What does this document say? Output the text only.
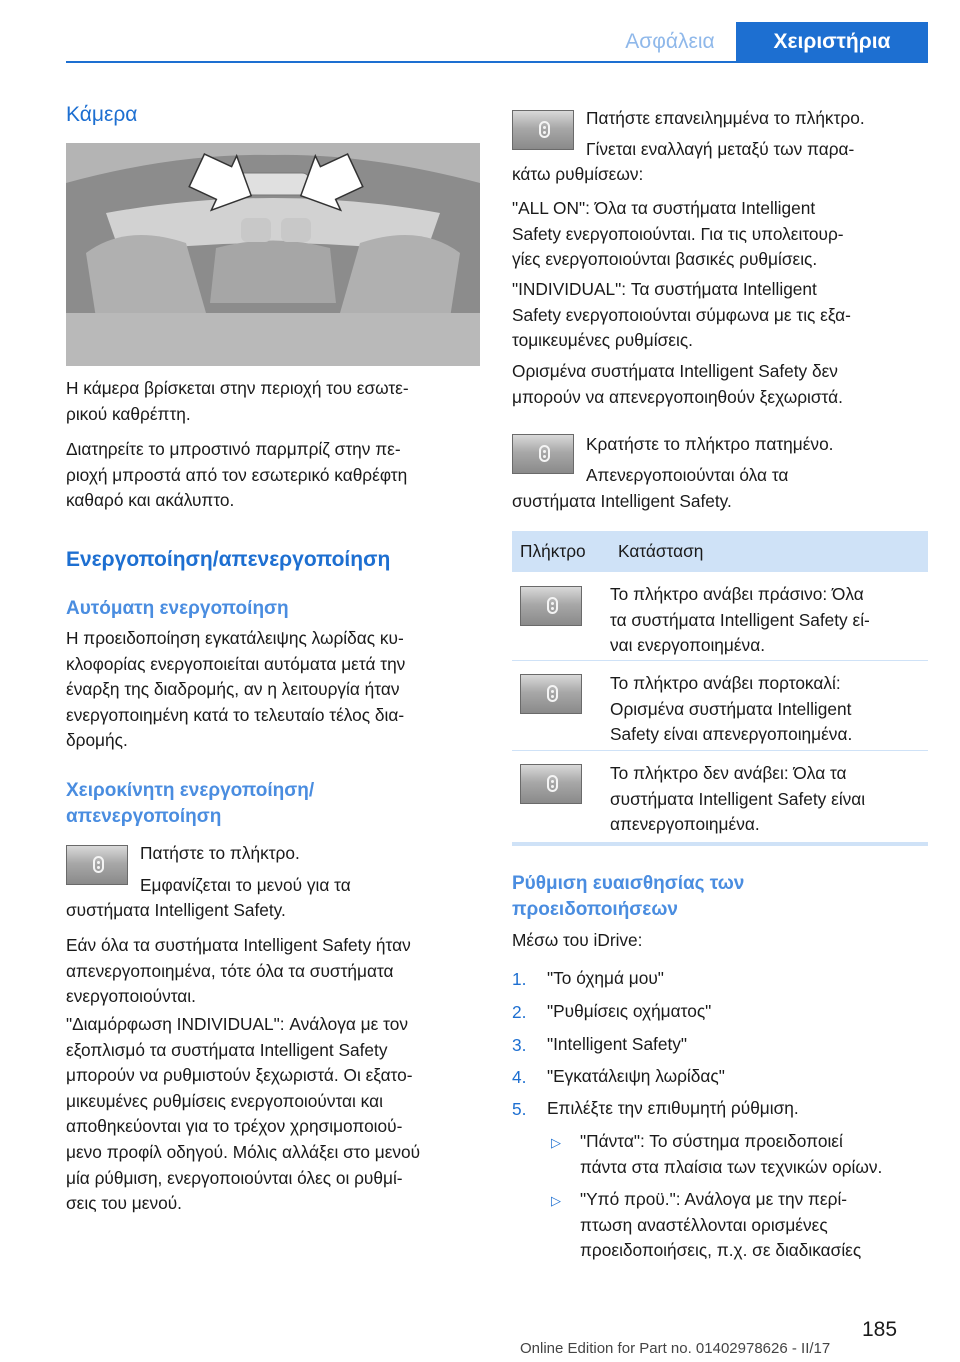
Ασφάλεια	Χειριστήρια
Κάμερα
Η κάμερα βρίσκεται στην περιοχή του εσωτε-
ρικού καθρέπτη.
Διατηρείτε το μπροστινό παρμπρίζ στην πε-
ριοχή μπροστά από τον εσωτερικό καθρέφτη
καθαρό και ακάλυπτο.
Ενεργοποίηση/απενεργοποίηση
Αυτόματη ενεργοποίηση
Η προειδοποίηση εγκατάλειψης λωρίδας κυ-
κλοφορίας ενεργοποιείται αυτόματα μετά την
έναρξη της διαδρομής, αν η λειτουργία ήταν
ενεργοποιημένη κατά το τελευταίο τέλος δια-
δρομής.
Χειροκίνητη ενεργοποίηση/
απενεργοποίηση
Πατήστε το πλήκτρο.
Εμφανίζεται το μενού για τα
συστήματα Intelligent Safety.
Εάν όλα τα συστήματα Intelligent Safety ήταν
απενεργοποιημένα, τότε όλα τα συστήματα
ενεργοποιούνται.
"Διαμόρφωση INDIVIDUAL": Ανάλογα με τον
εξοπλισμό τα συστήματα Intelligent Safety
μπορούν να ρυθμιστούν ξεχωριστά. Οι εξατο-
μικευμένες ρυθμίσεις ενεργοποιούνται και
αποθηκεύονται για το τρέχον χρησιμοποιού-
μενο προφίλ οδηγού. Μόλις αλλάξει στο μενού
μία ρύθμιση, ενεργοποιούνται όλες οι ρυθμί-
σεις του μενού.
Πατήστε επανειλημμένα το πλήκτρο.
Γίνεται εναλλαγή μεταξύ των παρα-
κάτω ρυθμίσεων:
"ALL ON": Όλα τα συστήματα Intelligent
Safety ενεργοποιούνται. Για τις υπολειτουρ-
γίες ενεργοποιούνται βασικές ρυθμίσεις.
"INDIVIDUAL": Τα συστήματα Intelligent
Safety ενεργοποιούνται σύμφωνα με τις εξα-
τομικευμένες ρυθμίσεις.
Ορισμένα συστήματα Intelligent Safety δεν
μπορούν να απενεργοποιηθούν ξεχωριστά.
Κρατήστε το πλήκτρο πατημένο.
Απενεργοποιούνται όλα τα
συστήματα Intelligent Safety.
Πλήκτρο	Κατάσταση
Το πλήκτρο ανάβει πράσινο: Όλα
τα συστήματα Intelligent Safety εί-
ναι ενεργοποιημένα.
Το πλήκτρο ανάβει πορτοκαλί:
Ορισμένα συστήματα Intelligent
Safety είναι απενεργοποιημένα.
Το πλήκτρο δεν ανάβει: Όλα τα
συστήματα Intelligent Safety είναι
απενεργοποιημένα.
Ρύθμιση ευαισθησίας των
προειδοποιήσεων
Μέσω του iDrive:
1. "Το όχημά μου"
2. "Ρυθμίσεις οχήματος"
3. "Intelligent Safety"
4. "Εγκατάλειψη λωρίδας"
5. Επιλέξτε την επιθυμητή ρύθμιση.
▷ "Πάντα": Το σύστημα προειδοποιεί
πάντα στα πλαίσια των τεχνικών ορίων.
▷ "Υπό προϋ.": Ανάλογα με την περί-
πτωση αναστέλλονται ορισμένες
προειδοποιήσεις, π.χ. σε διαδικασίες
185
Online Edition for Part no. 01402978626 - II/17
